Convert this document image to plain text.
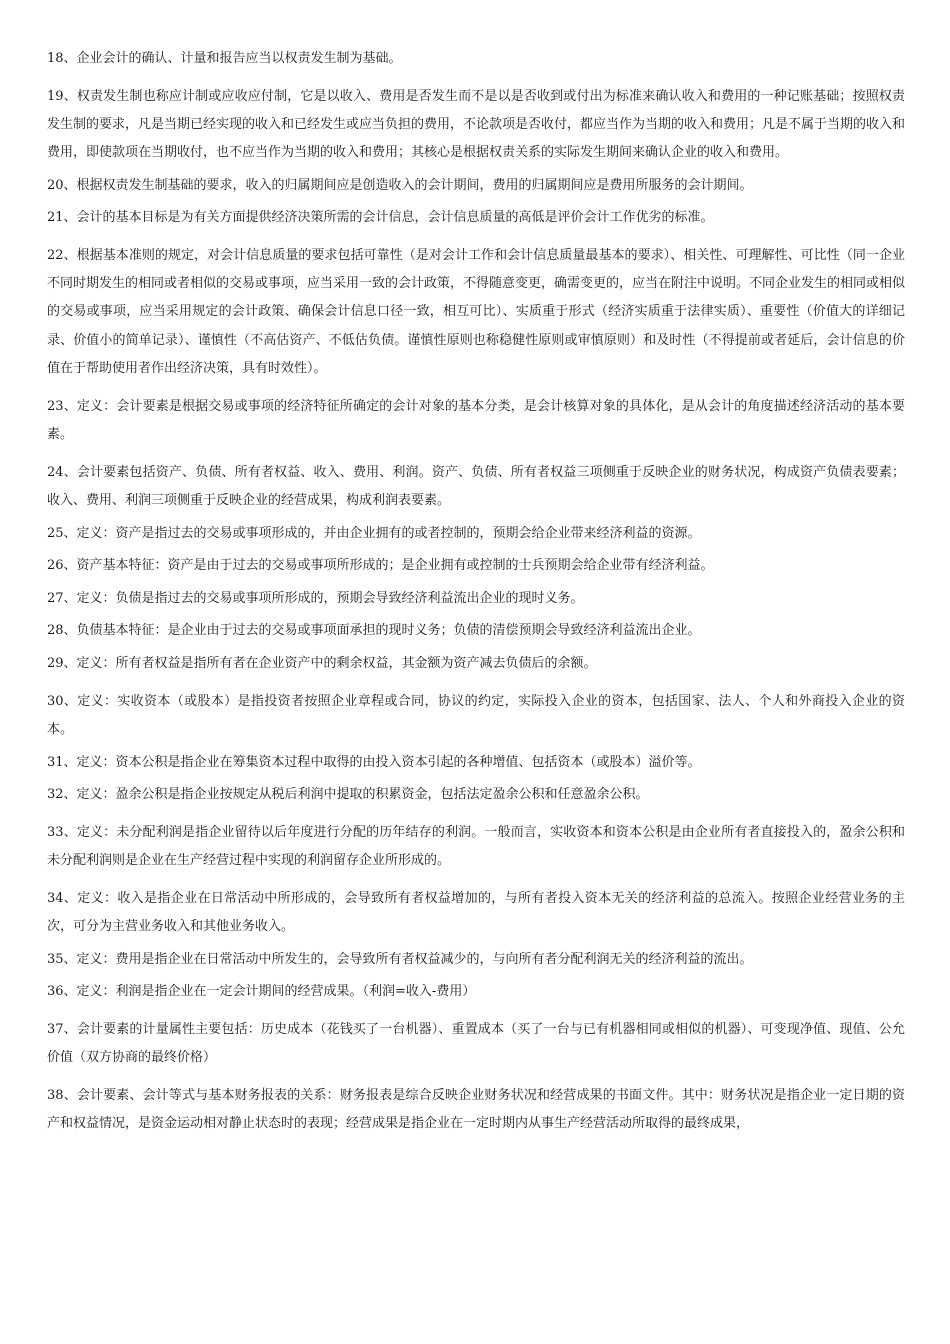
18、企业会计的确认、计量和报告应当以权责发生制为基础。

19、权责发生制也称应计制或应收应付制，它是以收入、费用是否发生而不是以是否收到或付出为标准来确认收入和费用的一种记账基础；按照权责发生制的要求，凡是当期已经实现的收入和已经发生或应当负担的费用，不论款项是否收付，都应当作为当期的收入和费用；凡是不属于当期的收入和费用，即使款项在当期收付，也不应当作为当期的收入和费用；其核心是根据权责关系的实际发生期间来确认企业的收入和费用。

20、根据权责发生制基础的要求，收入的归属期间应是创造收入的会计期间，费用的归属期间应是费用所服务的会计期间。

21、会计的基本目标是为有关方面提供经济决策所需的会计信息，会计信息质量的高低是评价会计工作优劣的标准。

22、根据基本准则的规定，对会计信息质量的要求包括可靠性（是对会计工作和会计信息质量最基本的要求）、相关性、可理解性、可比性（同一企业不同时期发生的相同或者相似的交易或事项，应当采用一致的会计政策，不得随意变更，确需变更的，应当在附注中说明。不同企业发生的相同或相似的交易或事项，应当采用规定的会计政策、确保会计信息口径一致，相互可比）、实质重于形式（经济实质重于法律实质）、重要性（价值大的详细记录、价值小的简单记录）、谨慎性（不高估资产、不低估负债。谨慎性原则也称稳健性原则或审慎原则）和及时性（不得提前或者延后，会计信息的价值在于帮助使用者作出经济决策，具有时效性）。

23、定义：会计要素是根据交易或事项的经济特征所确定的会计对象的基本分类，是会计核算对象的具体化，是从会计的角度描述经济活动的基本要素。

24、会计要素包括资产、负债、所有者权益、收入、费用、利润。资产、负债、所有者权益三项侧重于反映企业的财务状况，构成资产负债表要素；收入、费用、利润三项侧重于反映企业的经营成果，构成利润表要素。

25、定义：资产是指过去的交易或事项形成的，并由企业拥有的或者控制的，预期会给企业带来经济利益的资源。

26、资产基本特征：资产是由于过去的交易或事项所形成的；是企业拥有或控制的士兵预期会给企业带有经济利益。

27、定义：负债是指过去的交易或事项所形成的，预期会导致经济利益流出企业的现时义务。

28、负债基本特征：是企业由于过去的交易或事项面承担的现时义务；负债的清偿预期会导致经济利益流出企业。

29、定义：所有者权益是指所有者在企业资产中的剩余权益，其金额为资产减去负债后的余额。

30、定义：实收资本（或股本）是指投资者按照企业章程或合同，协议的约定，实际投入企业的资本，包括国家、法人、个人和外商投入企业的资本。

31、定义：资本公积是指企业在筹集资本过程中取得的由投入资本引起的各种增值、包括资本（或股本）溢价等。

32、定义：盈余公积是指企业按规定从税后利润中提取的积累资金，包括法定盈余公积和任意盈余公积。

33、定义：未分配利润是指企业留待以后年度进行分配的历年结存的利润。一般而言，实收资本和资本公积是由企业所有者直接投入的，盈余公积和未分配利润则是企业在生产经营过程中实现的利润留存企业所形成的。

34、定义：收入是指企业在日常活动中所形成的，会导致所有者权益增加的，与所有者投入资本无关的经济利益的总流入。按照企业经营业务的主次，可分为主营业务收入和其他业务收入。

35、定义：费用是指企业在日常活动中所发生的，会导致所有者权益减少的，与向所有者分配利润无关的经济利益的流出。

36、定义：利润是指企业在一定会计期间的经营成果。（利润=收入-费用）

37、会计要素的计量属性主要包括：历史成本（花钱买了一台机器）、重置成本（买了一台与已有机器相同或相似的机器）、可变现净值、现值、公允价值（双方协商的最终价格）

38、会计要素、会计等式与基本财务报表的关系：财务报表是综合反映企业财务状况和经营成果的书面文件。其中：财务状况是指企业一定日期的资产和权益情况，是资金运动相对静止状态时的表现；经营成果是指企业在一定时期内从事生产经营活动所取得的最终成果，
